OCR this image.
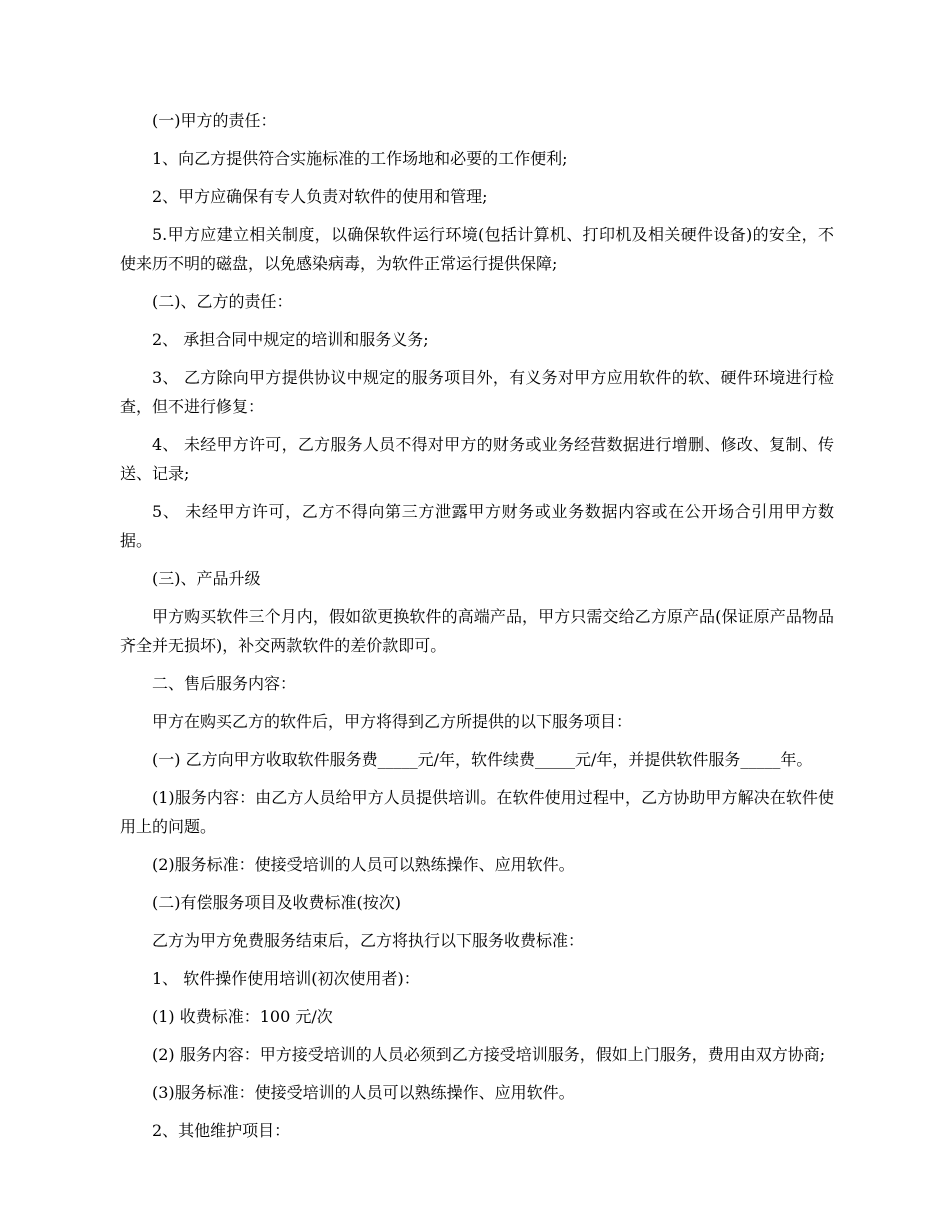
(一)甲方的责任：

1、向乙方提供符合实施标准的工作场地和必要的工作便利;

2、甲方应确保有专人负责对软件的使用和管理;

5.甲方应建立相关制度，以确保软件运行环境(包括计算机、打印机及相关硬件设备)的安全，不使来历不明的磁盘，以免感染病毒，为软件正常运行提供保障;

(二)、乙方的责任：

2、 承担合同中规定的培训和服务义务;

3、 乙方除向甲方提供协议中规定的服务项目外，有义务对甲方应用软件的软、硬件环境进行检查，但不进行修复：

4、 未经甲方许可，乙方服务人员不得对甲方的财务或业务经营数据进行增删、修改、复制、传送、记录;

5、 未经甲方许可，乙方不得向第三方泄露甲方财务或业务数据内容或在公开场合引用甲方数据。

(三)、产品升级

甲方购买软件三个月内，假如欲更换软件的高端产品，甲方只需交给乙方原产品(保证原产品物品齐全并无损坏)，补交两款软件的差价款即可。

二、售后服务内容：

甲方在购买乙方的软件后，甲方将得到乙方所提供的以下服务项目：

(一) 乙方向甲方收取软件服务费_____元/年，软件续费_____元/年，并提供软件服务_____年。

(1)服务内容：由乙方人员给甲方人员提供培训。在软件使用过程中，乙方协助甲方解决在软件使用上的问题。

(2)服务标准：使接受培训的人员可以熟练操作、应用软件。

(二)有偿服务项目及收费标准(按次)

乙方为甲方免费服务结束后，乙方将执行以下服务收费标准：

1、 软件操作使用培训(初次使用者)：

(1) 收费标准：100 元/次

(2) 服务内容：甲方接受培训的人员必须到乙方接受培训服务，假如上门服务，费用由双方协商;

(3)服务标准：使接受培训的人员可以熟练操作、应用软件。

2、其他维护项目：
